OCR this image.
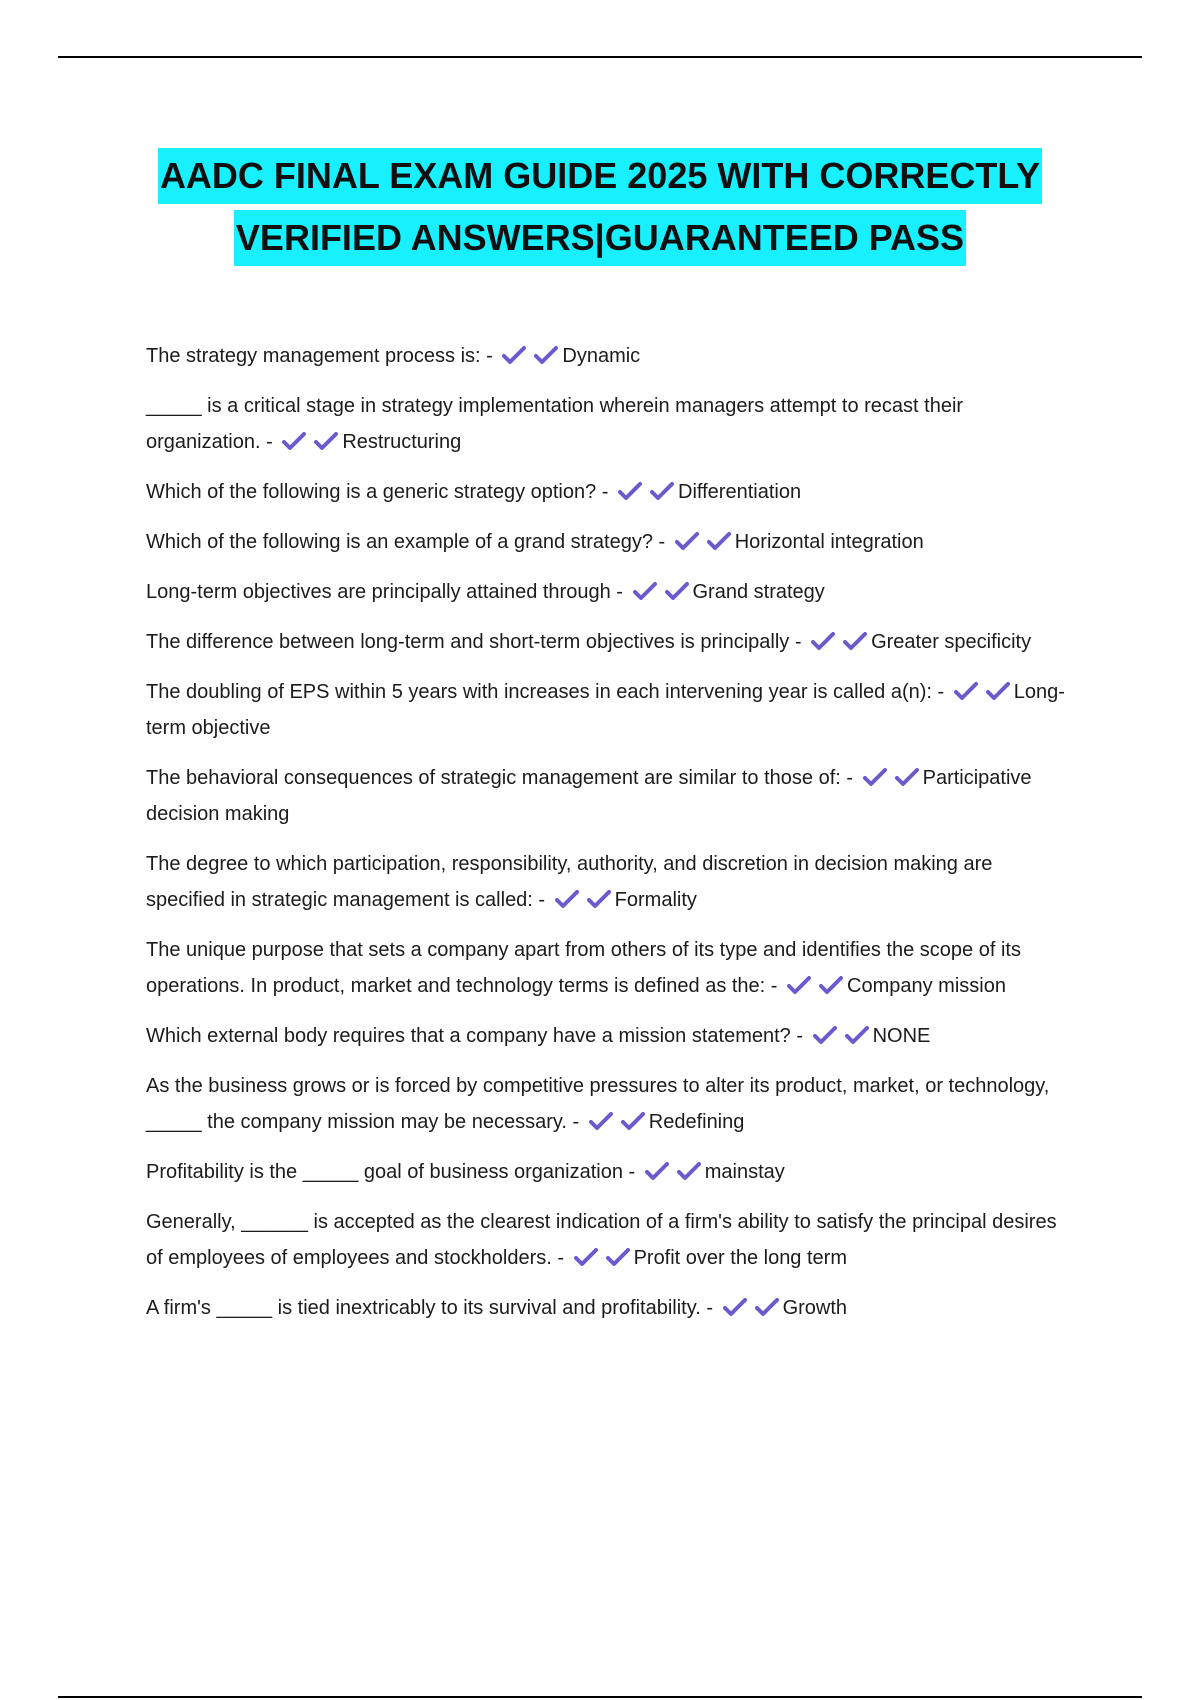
AADC FINAL EXAM GUIDE 2025 WITH CORRECTLY
VERIFIED ANSWERS|GUARANTEED PASS
The strategy management process is: -	Dynamic
_____ is a critical stage in strategy implementation wherein managers attempt to recast their organization. -	Restructuring
Which of the following is a generic strategy option? -	Differentiation
Which of the following is an example of a grand strategy? -	Horizontal integration
Long-term objectives are principally attained through -	Grand strategy
The difference between long-term and short-term objectives is principally -	Greater specificity
The doubling of EPS within 5 years with increases in each intervening year is called a(n): -	Long-term objective
The behavioral consequences of strategic management are similar to those of: -	Participative decision making
The degree to which participation, responsibility, authority, and discretion in decision making are specified in strategic management is called: -	Formality
The unique purpose that sets a company apart from others of its type and identifies the scope of its operations. In product, market and technology terms is defined as the: -	Company mission
Which external body requires that a company have a mission statement? -	NONE
As the business grows or is forced by competitive pressures to alter its product, market, or technology, _____ the company mission may be necessary. -	Redefining
Profitability is the _____ goal of business organization -	mainstay
Generally, ______ is accepted as the clearest indication of a firm's ability to satisfy the principal desires of employees of employees and stockholders. -	Profit over the long term
A firm's _____ is tied inextricably to its survival and profitability. -	Growth
